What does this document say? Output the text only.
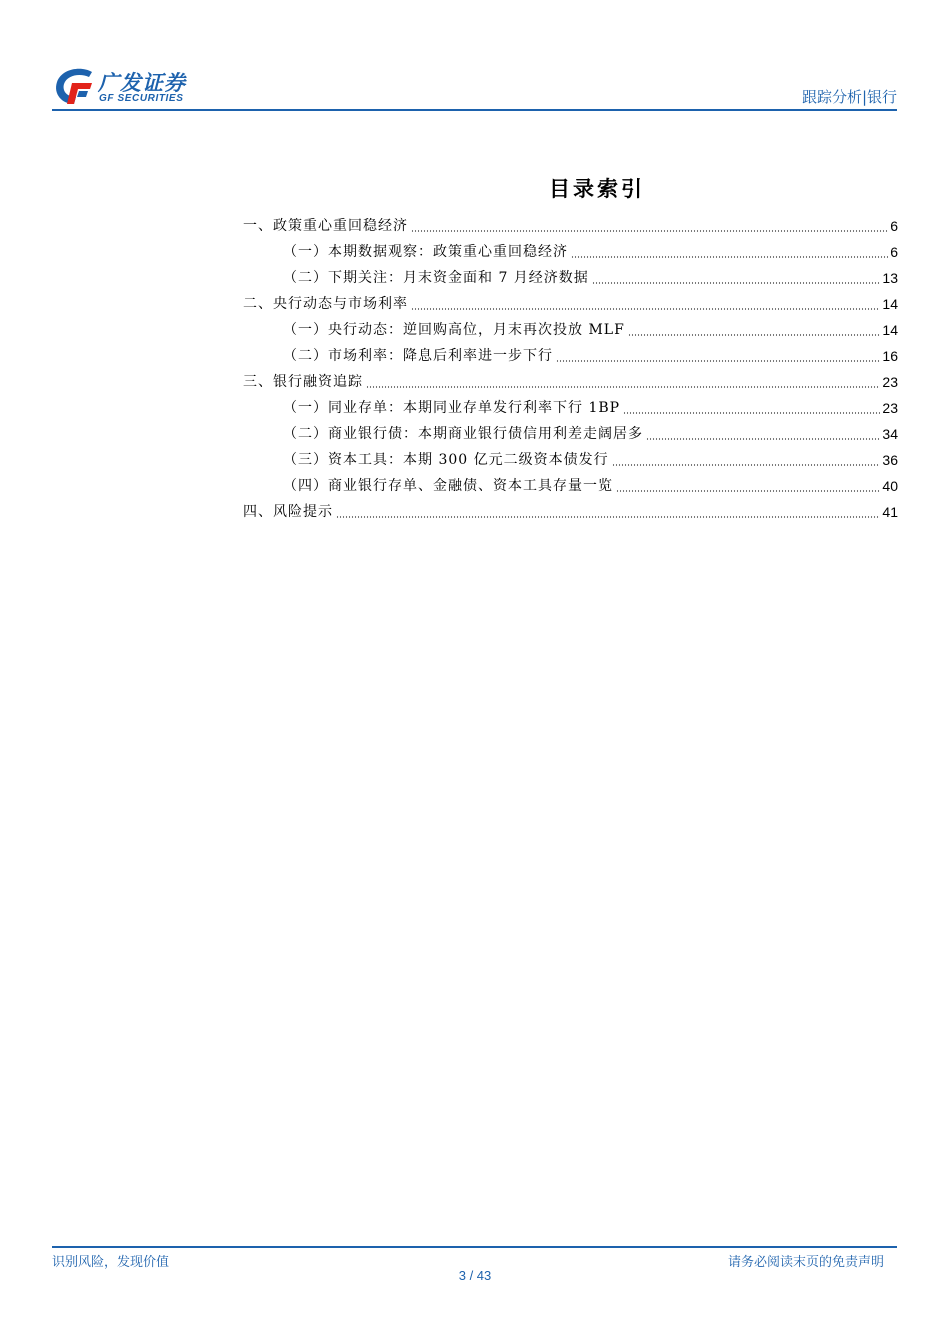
广发证券
GF SECURITIES	跟踪分析|银行
目录索引
一、政策重心重回稳经济	6
（一）本期数据观察：政策重心重回稳经济	6
（二）下期关注：月末资金面和 7 月经济数据	13
二、央行动态与市场利率	14
（一）央行动态：逆回购高位，月末再次投放 MLF	14
（二）市场利率：降息后利率进一步下行	16
三、银行融资追踪	23
（一）同业存单：本期同业存单发行利率下行 1BP	23
（二）商业银行债：本期商业银行债信用利差走阔居多	34
（三）资本工具：本期 300 亿元二级资本债发行	36
（四）商业银行存单、金融债、资本工具存量一览	40
四、风险提示	41
识别风险，发现价值	请务必阅读末页的免责声明
3 / 43
